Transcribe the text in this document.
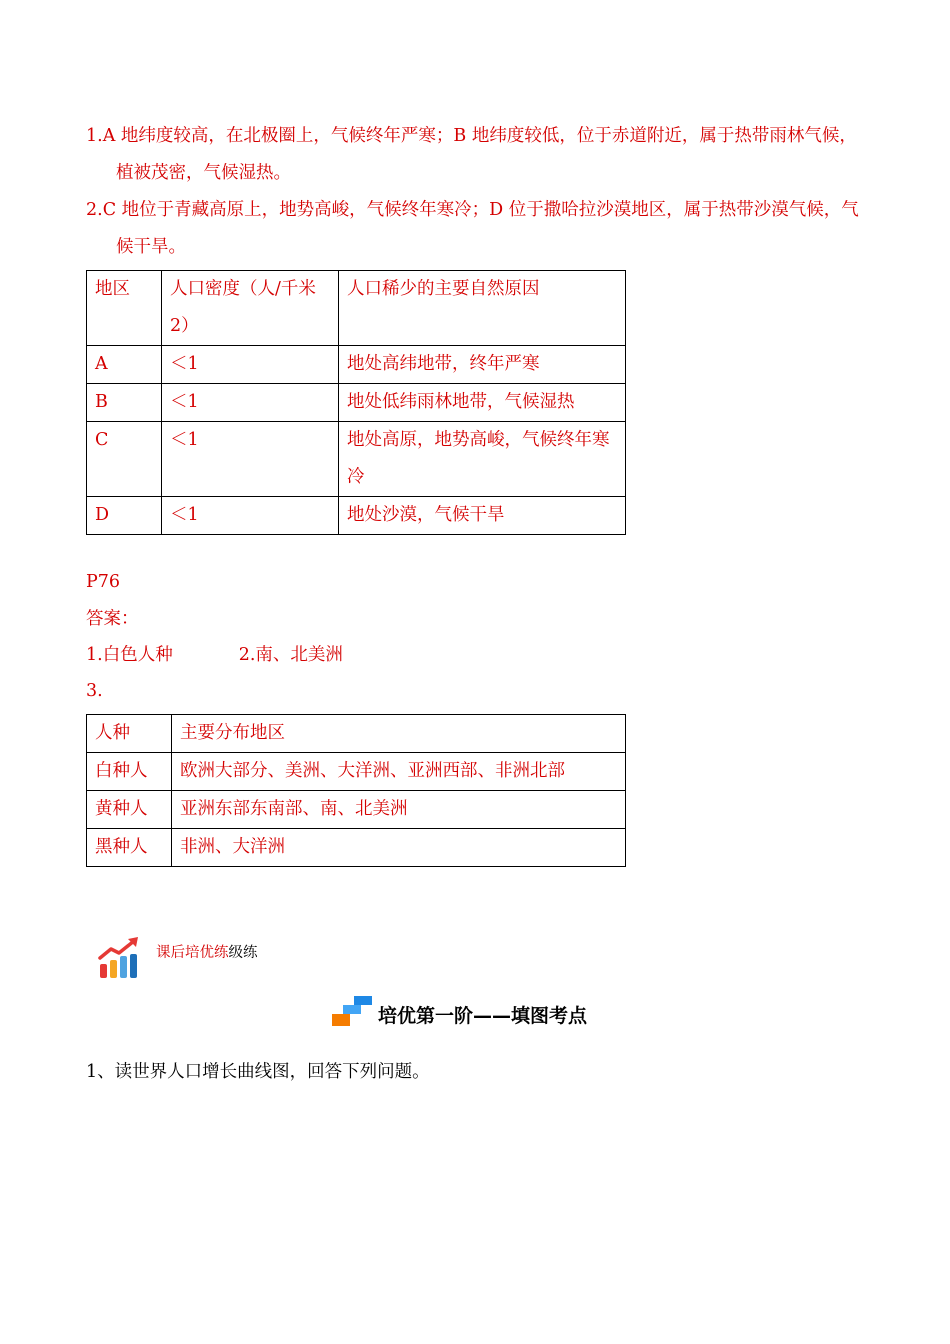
1.A 地纬度较高，在北极圈上，气候终年严寒；B 地纬度较低，位于赤道附近，属于热带雨林气候，植被茂密，气候湿热。

2.C 地位于青藏高原上，地势高峻，气候终年寒冷；D 位于撒哈拉沙漠地区，属于热带沙漠气候，气候干旱。

地区	人口密度（人/千米2）	人口稀少的主要自然原因
A	＜1	地处高纬地带，终年严寒
B	＜1	地处低纬雨林地带，气候湿热
C	＜1	地处高原，地势高峻，气候终年寒冷
D	＜1	地处沙漠，气候干旱

P76

答案：

1.白色人种	2.南、北美洲

3.

人种	主要分布地区
白种人	欧洲大部分、美洲、大洋洲、亚洲西部、非洲北部
黄种人	亚洲东部东南部、南、北美洲
黑种人	非洲、大洋洲
课后培优练级练
培优第一阶——填图考点

1、读世界人口增长曲线图，回答下列问题。
